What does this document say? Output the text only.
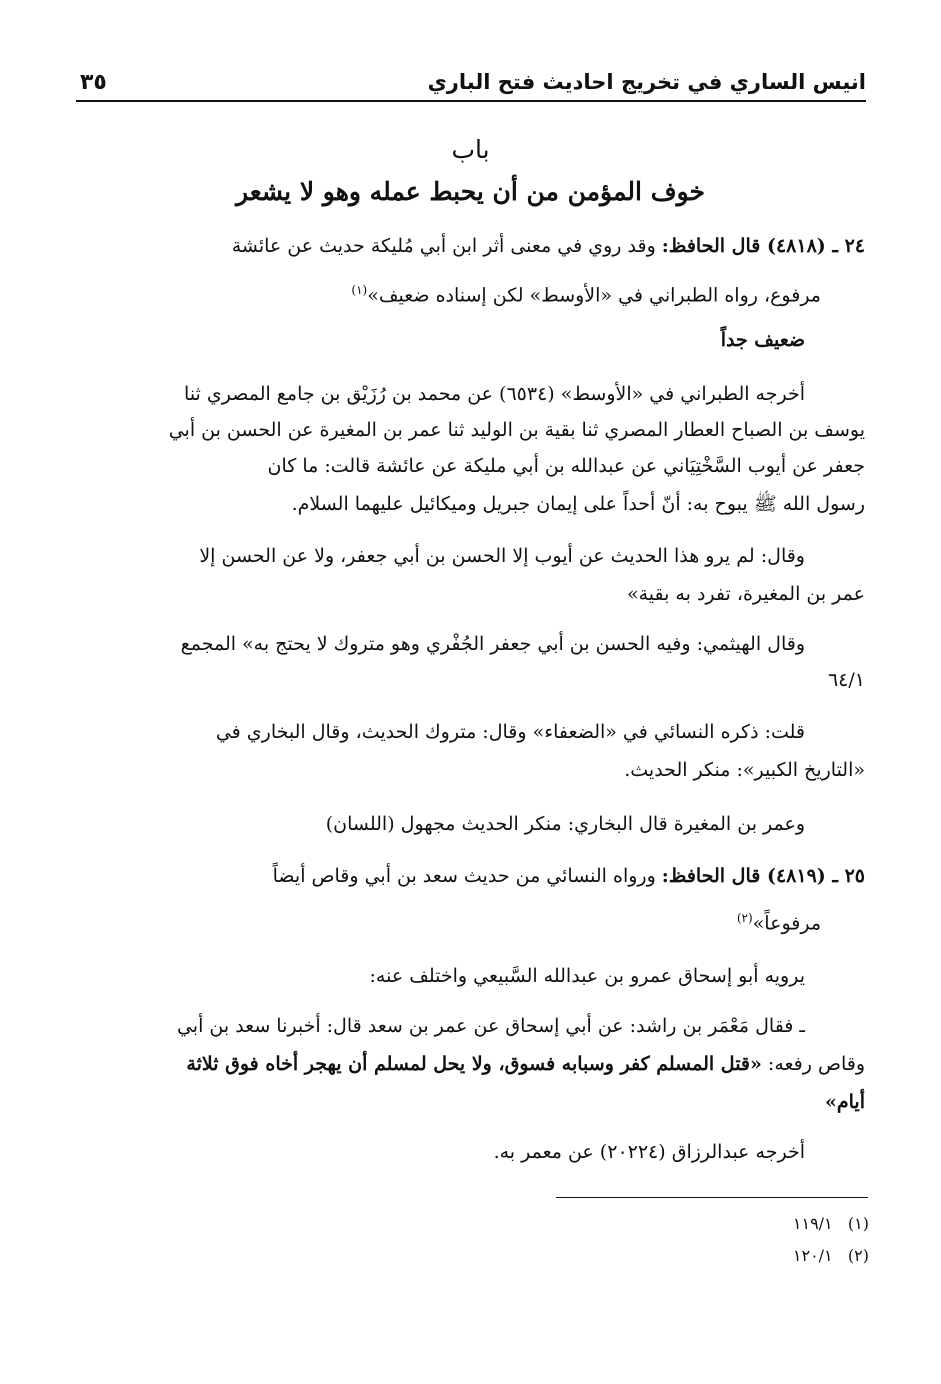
انيس الساري في تخريج احاديث فتح الباري
٣٥
باب
خوف المؤمن من أن يحبط عمله وهو لا يشعر
٢٤ ـ (٤٨١٨) قال الحافظ: وقد روي في معنى أثر ابن أبي مُليكة حديث عن عائشة
مرفوع، رواه الطبراني في «الأوسط» لكن إسناده ضعيف»$^{(١)}$
ضعيف جداً
أخرجه الطبراني في «الأوسط» (٦٥٣٤) عن محمد بن رُزَيْق بن جامع المصري ثنا
يوسف بن الصباح العطار المصري ثنا بقية بن الوليد ثنا عمر بن المغيرة عن الحسن بن أبي
جعفر عن أيوب السَّخْتِيَاني عن عبدالله بن أبي مليكة عن عائشة قالت: ما كان
رسول الله ﷺ يبوح به: أنّ أحداً على إيمان جبريل وميكائيل عليهما السلام.
وقال: لم يرو هذا الحديث عن أيوب إلا الحسن بن أبي جعفر، ولا عن الحسن إلا
عمر بن المغيرة، تفرد به بقية»
وقال الهيثمي: وفيه الحسن بن أبي جعفر الجُفْري وهو متروك لا يحتج به» المجمع
٦٤/١
قلت: ذكره النسائي في «الضعفاء» وقال: متروك الحديث، وقال البخاري في
«التاريخ الكبير»: منكر الحديث.
وعمر بن المغيرة قال البخاري: منكر الحديث مجهول (اللسان)
٢٥ ـ (٤٨١٩) قال الحافظ: ورواه النسائي من حديث سعد بن أبي وقاص أيضاً
مرفوعاً»$^{(٢)}$
يرويه أبو إسحاق عمرو بن عبدالله السَّبيعي واختلف عنه:
ـ فقال مَعْمَر بن راشد: عن أبي إسحاق عن عمر بن سعد قال: أخبرنا سعد بن أبي
وقاص رفعه: «قتل المسلم كفر وسبابه فسوق، ولا يحل لمسلم أن يهجر أخاه فوق ثلاثة
أيام»
أخرجه عبدالرزاق (٢٠٢٢٤) عن معمر به.
(١)   ١١٩/١
(٢)   ١٢٠/١
